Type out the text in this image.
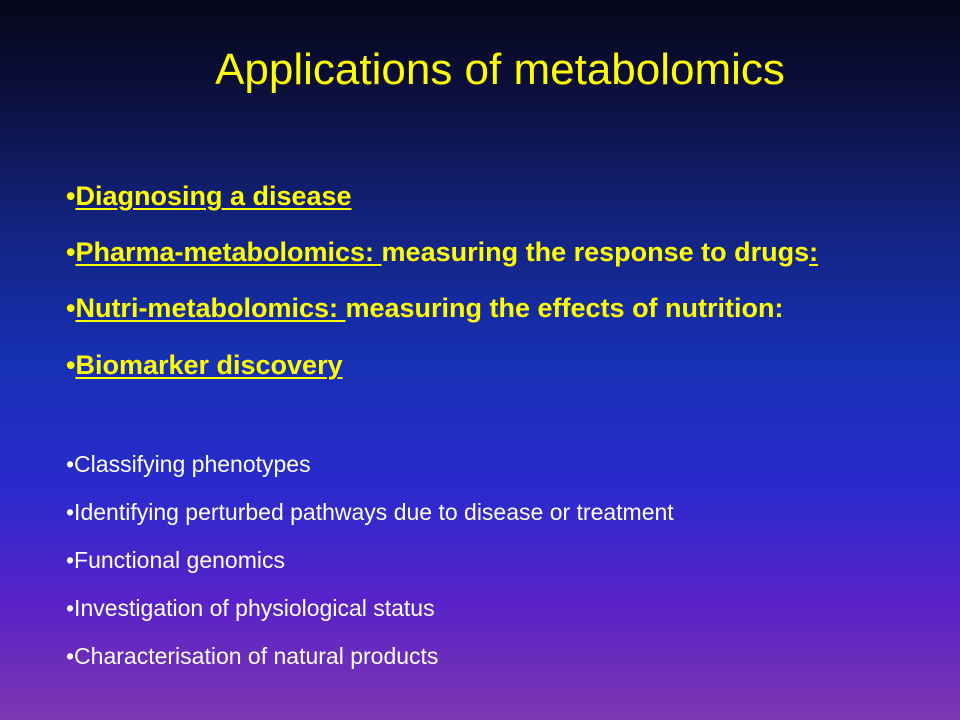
Applications of metabolomics
•Diagnosing a disease
•Pharma-metabolomics: measuring the response to drugs:
•Nutri-metabolomics: measuring the effects of nutrition:
•Biomarker discovery
•Classifying phenotypes
•Identifying perturbed pathways due to disease or treatment
•Functional genomics
•Investigation of physiological status
•Characterisation of natural products
